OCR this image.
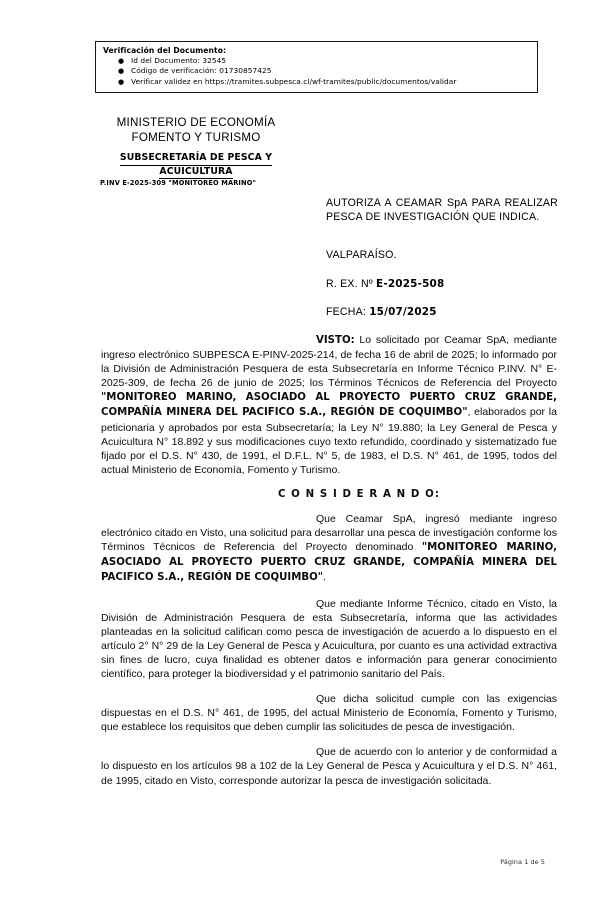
Verificación del Documento:
● Id del Documento: 32545
● Código de verificación: 01730857425
● Verificar validez en https://tramites.subpesca.cl/wf-tramites/public/documentos/validar
MINISTERIO DE ECONOMÍA
FOMENTO Y TURISMO
SUBSECRETARÍA DE PESCA Y
ACUICULTURA
P.INV E-2025-309 "MONITOREO MARINO"
AUTORIZA A CEAMAR SpA PARA REALIZAR PESCA DE INVESTIGACIÓN QUE INDICA.
VALPARAÍSO.
R. EX. Nº E-2025-508
FECHA: 15/07/2025

VISTO: Lo solicitado por Ceamar SpA, mediante ingreso electrónico SUBPESCA E-PINV-2025-214, de fecha 16 de abril de 2025; lo informado por la División de Administración Pesquera de esta Subsecretaría en Informe Técnico P.INV. N° E-2025-309, de fecha 26 de junio de 2025; los Términos Técnicos de Referencia del Proyecto "MONITOREO MARINO, ASOCIADO AL PROYECTO PUERTO CRUZ GRANDE, COMPAÑÍA MINERA DEL PACIFICO S.A., REGIÓN DE COQUIMBO", elaborados por la peticionaria y aprobados por esta Subsecretaría; la Ley N° 19.880; la Ley General de Pesca y Acuicultura N° 18.892 y sus modificaciones cuyo texto refundido, coordinado y sistematizado fue fijado por el D.S. N° 430, de 1991, el D.F.L. N° 5, de 1983, el D.S. N° 461, de 1995, todos del actual Ministerio de Economía, Fomento y Turismo.

C O N S I D E R A N D O:

Que Ceamar SpA, ingresó mediante ingreso electrónico citado en Visto, una solicitud para desarrollar una pesca de investigación conforme los Términos Técnicos de Referencia del Proyecto denominado "MONITOREO MARINO, ASOCIADO AL PROYECTO PUERTO CRUZ GRANDE, COMPAÑÍA MINERA DEL PACIFICO S.A., REGIÓN DE COQUIMBO".

Que mediante Informe Técnico, citado en Visto, la División de Administración Pesquera de esta Subsecretaría, informa que las actividades planteadas en la solicitud califican como pesca de investigación de acuerdo a lo dispuesto en el artículo 2° N° 29 de la Ley General de Pesca y Acuicultura, por cuanto es una actividad extractiva sin fines de lucro, cuya finalidad es obtener datos e información para generar conocimiento científico, para proteger la biodiversidad y el patrimonio sanitario del País.

Que dicha solicitud cumple con las exigencias dispuestas en el D.S. N° 461, de 1995, del actual Ministerio de Economía, Fomento y Turismo, que establece los requisitos que deben cumplir las solicitudes de pesca de investigación.

Que de acuerdo con lo anterior y de conformidad a lo dispuesto en los artículos 98 a 102 de la Ley General de Pesca y Acuicultura y el D.S. N° 461, de 1995, citado en Visto, corresponde autorizar la pesca de investigación solicitada.

Página 1 de 5
